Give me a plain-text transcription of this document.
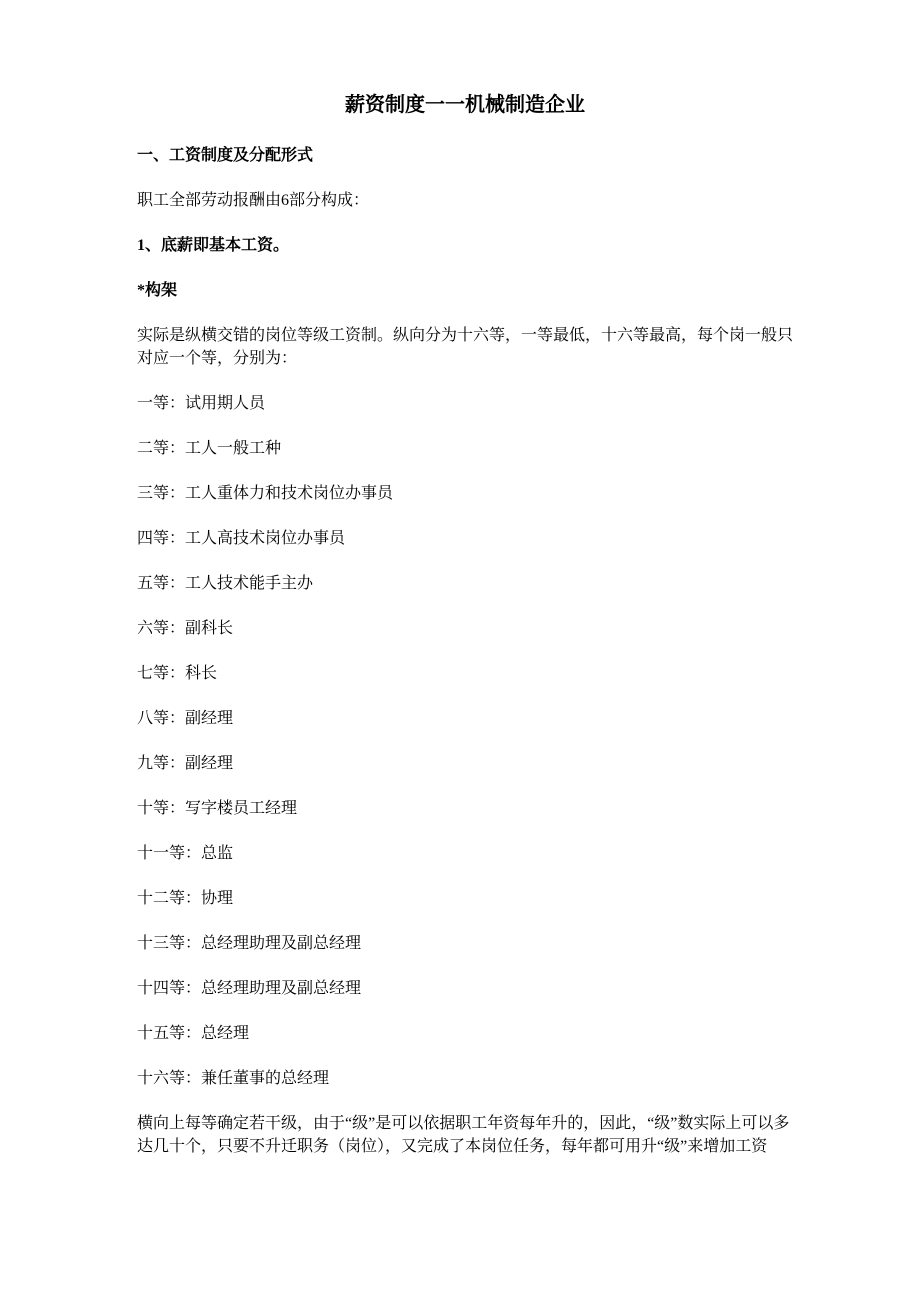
薪资制度一一机械制造企业

一、工资制度及分配形式

职工全部劳动报酬由6部分构成：

1、底薪即基本工资。

*构架

实际是纵横交错的岗位等级工资制。纵向分为十六等，一等最低，十六等最高，每个岗一般只对应一个等，分别为：

一等：试用期人员

二等：工人一般工种

三等：工人重体力和技术岗位办事员

四等：工人高技术岗位办事员

五等：工人技术能手主办

六等：副科长

七等：科长

八等：副经理

九等：副经理

十等：写字楼员工经理

十一等：总监

十二等：协理

十三等：总经理助理及副总经理

十四等：总经理助理及副总经理

十五等：总经理

十六等：兼任董事的总经理

横向上每等确定若干级，由于“级”是可以依据职工年资每年升的，因此，“级”数实际上可以多达几十个，只要不升迁职务（岗位），又完成了本岗位任务，每年都可用升“级”来增加工资
